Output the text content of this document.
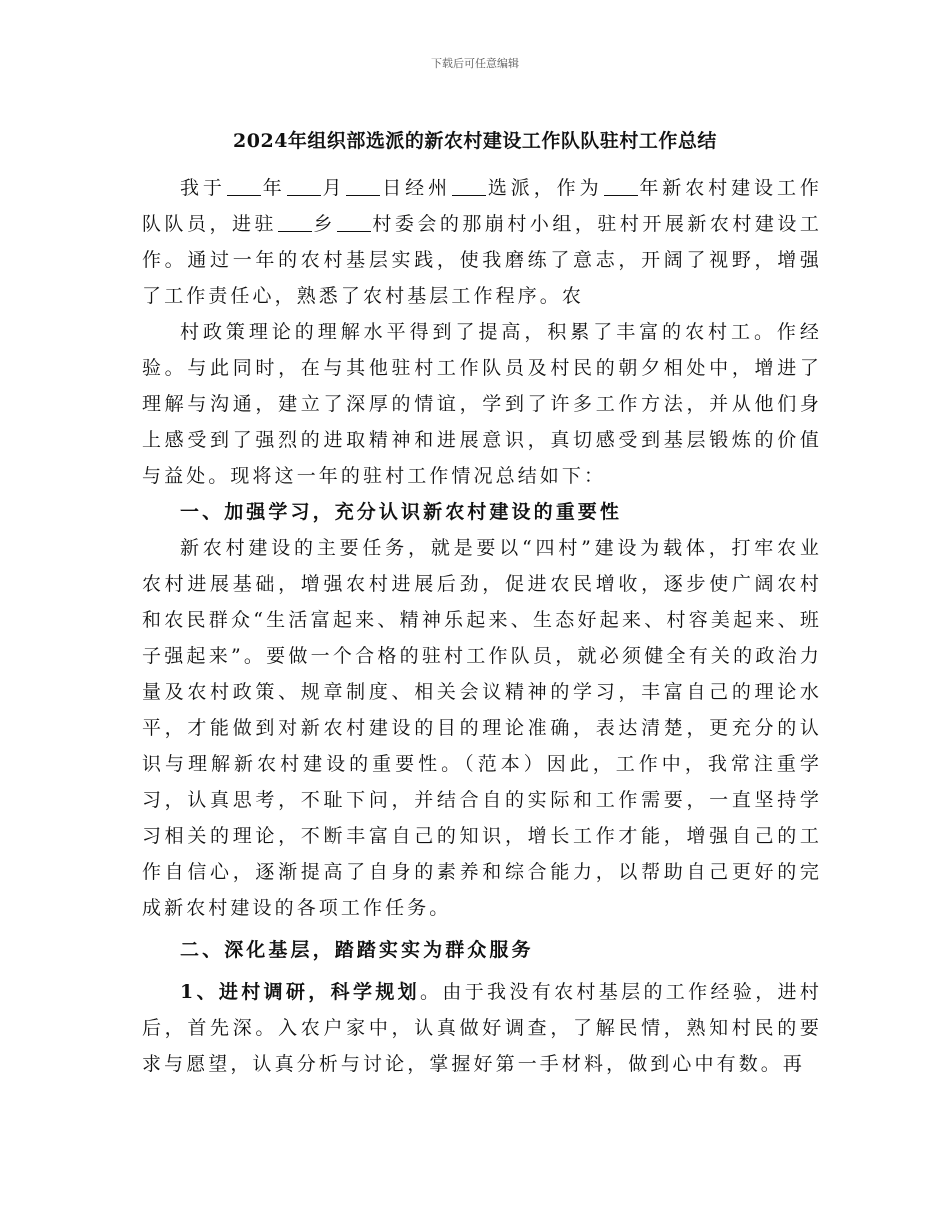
下载后可任意编辑
2024年组织部选派的新农村建设工作队队驻村工作总结

我于 年 月 日经州 选派，作为 年新农村建设工作队队员，进驻 乡 村委会的那崩村小组，驻村开展新农村建设工作。通过一年的农村基层实践，使我磨练了意志，开阔了视野，增强了工作责任心，熟悉了农村基层工作程序。农

村政策理论的理解水平得到了提高，积累了丰富的农村工。作经验。与此同时，在与其他驻村工作队员及村民的朝夕相处中，增进了理解与沟通，建立了深厚的情谊，学到了许多工作方法，并从他们身上感受到了强烈的进取精神和进展意识，真切感受到基层锻炼的价值与益处。现将这一年的驻村工作情况总结如下：

一、加强学习，充分认识新农村建设的重要性

新农村建设的主要任务，就是要以“四村”建设为载体，打牢农业农村进展基础，增强农村进展后劲，促进农民增收，逐步使广阔农村和农民群众“生活富起来、精神乐起来、生态好起来、村容美起来、班子强起来”。要做一个合格的驻村工作队员，就必须健全有关的政治力量及农村政策、规章制度、相关会议精神的学习，丰富自己的理论水平，才能做到对新农村建设的目的理论准确，表达清楚，更充分的认识与理解新农村建设的重要性。（范本）因此，工作中，我常注重学习，认真思考，不耻下问，并结合自的实际和工作需要，一直坚持学习相关的理论，不断丰富自己的知识，增长工作才能，增强自己的工作自信心，逐渐提高了自身的素养和综合能力，以帮助自己更好的完成新农村建设的各项工作任务。

二、深化基层，踏踏实实为群众服务

1、进村调研，科学规划。由于我没有农村基层的工作经验，进村后，首先深。入农户家中，认真做好调查，了解民情，熟知村民的要求与愿望，认真分析与讨论，掌握好第一手材料，做到心中有数。再
